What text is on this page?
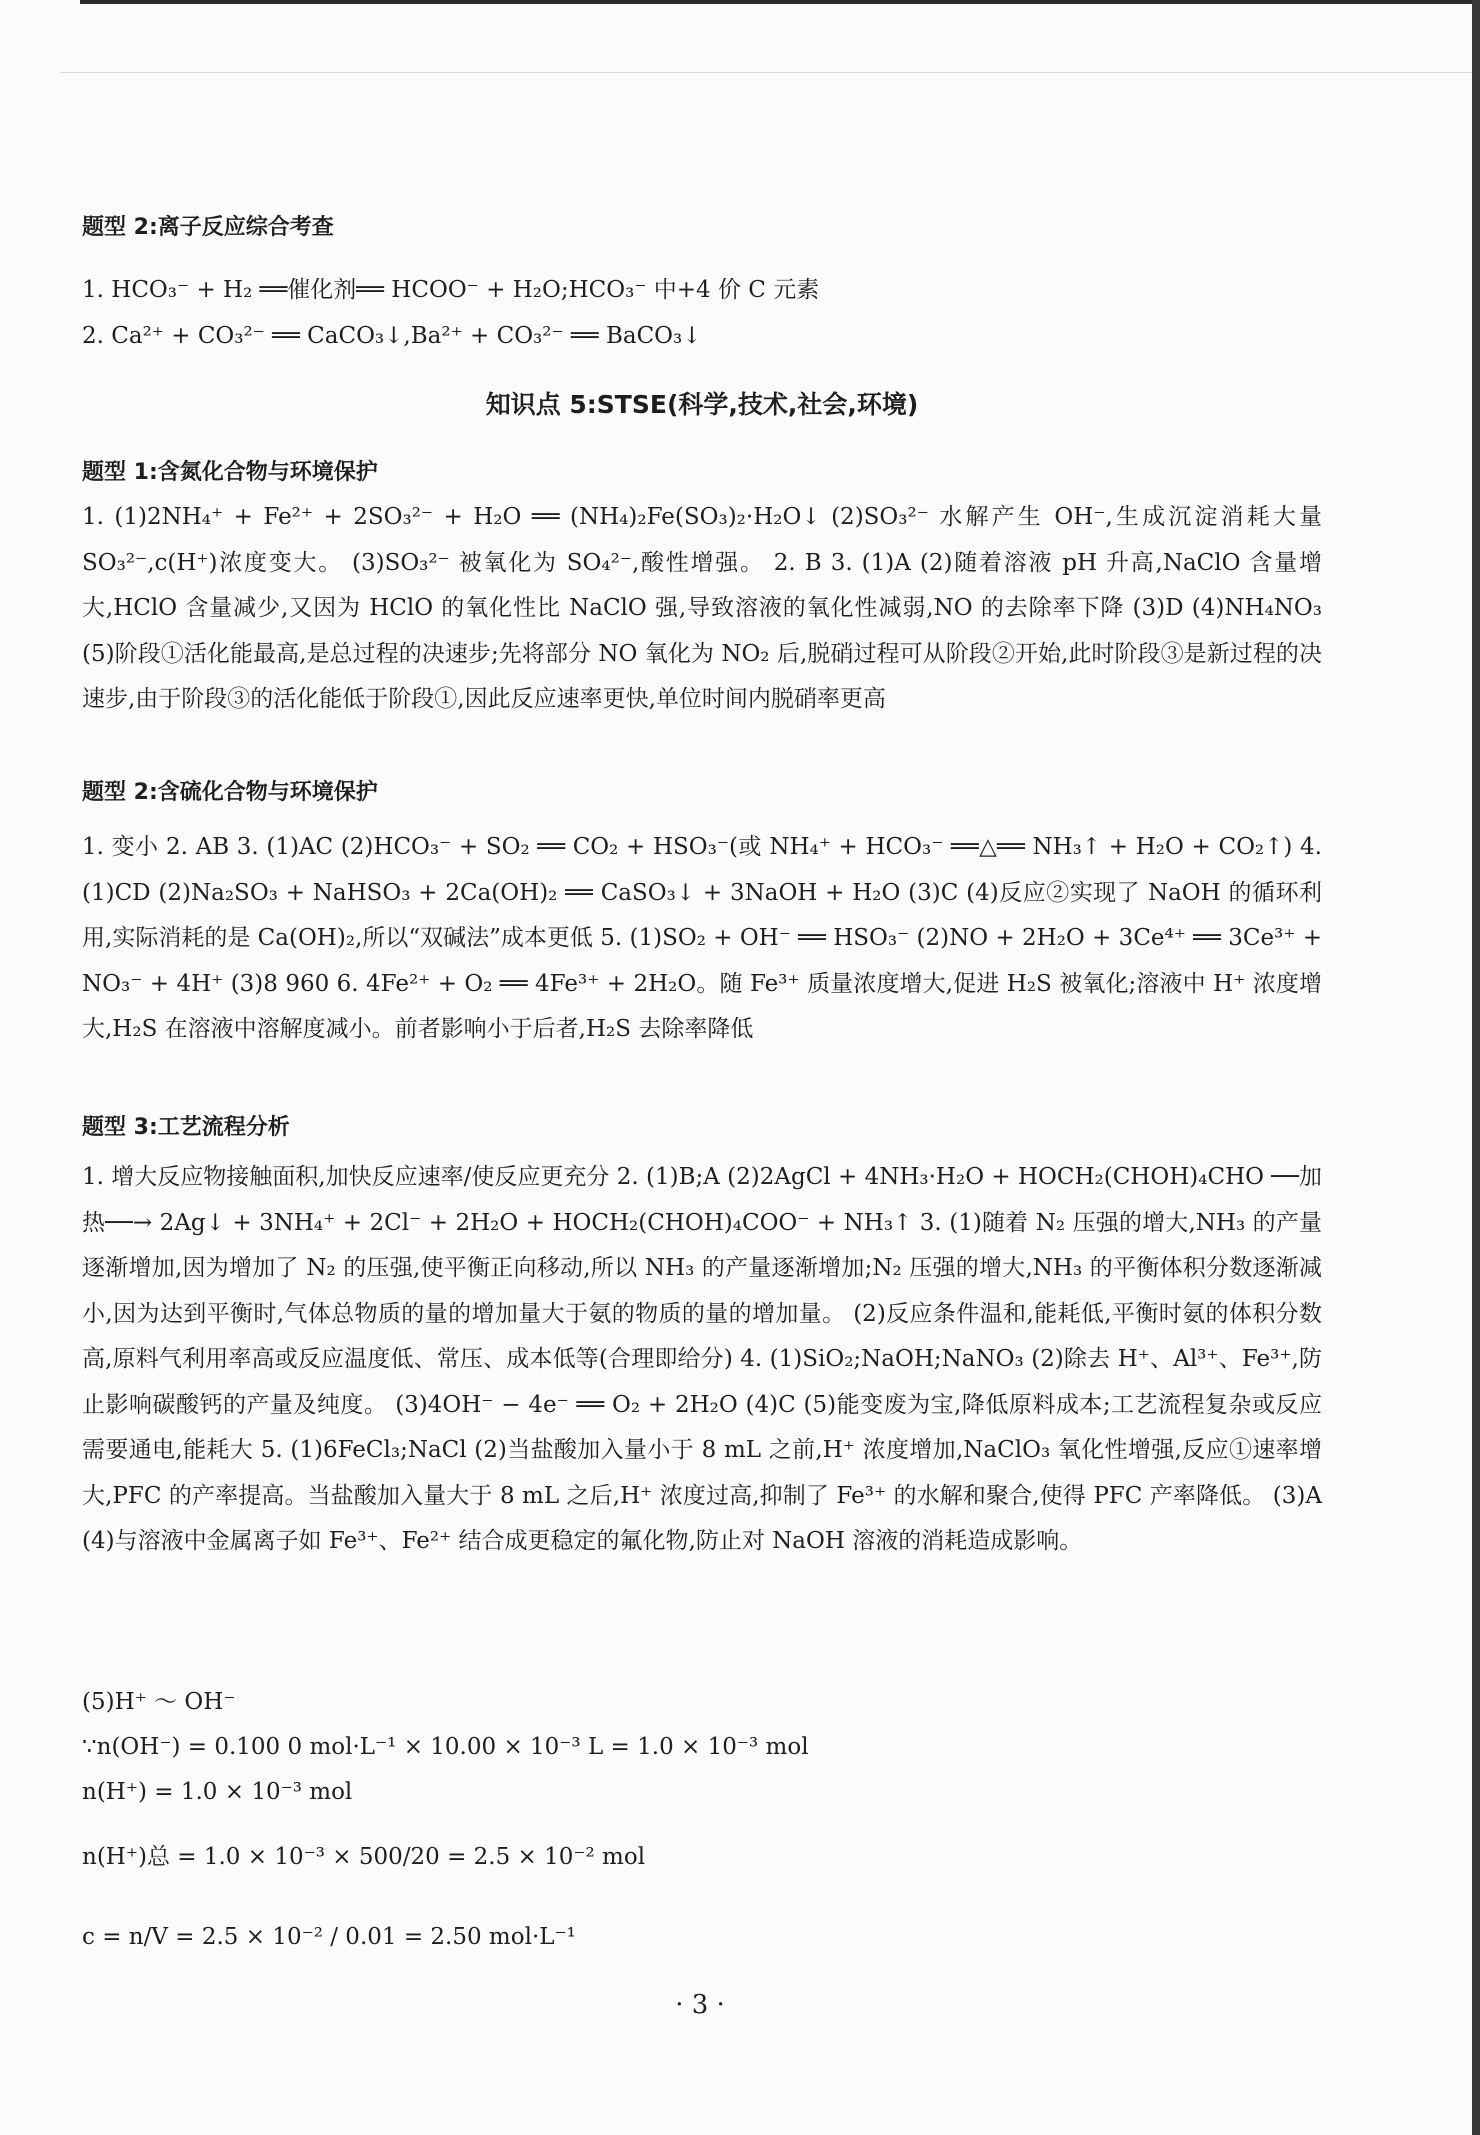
题型 2:离子反应综合考查
1. HCO₃⁻ + H₂ ══催化剂══ HCOO⁻ + H₂O;HCO₃⁻ 中+4 价 C 元素
2. Ca²⁺ + CO₃²⁻ ══ CaCO₃↓,Ba²⁺ + CO₃²⁻ ══ BaCO₃↓
知识点 5:STSE(科学,技术,社会,环境)
题型 1:含氮化合物与环境保护
1. (1)2NH₄⁺ + Fe²⁺ + 2SO₃²⁻ + H₂O ══ (NH₄)₂Fe(SO₃)₂·H₂O↓ (2)SO₃²⁻ 水解产生 OH⁻,生成沉淀消耗大量 SO₃²⁻,c(H⁺)浓度变大。 (3)SO₃²⁻ 被氧化为 SO₄²⁻,酸性增强。 2. B 3. (1)A (2)随着溶液 pH 升高,NaClO 含量增大,HClO 含量减少,又因为 HClO 的氧化性比 NaClO 强,导致溶液的氧化性减弱,NO 的去除率下降 (3)D (4)NH₄NO₃ (5)阶段①活化能最高,是总过程的决速步;先将部分 NO 氧化为 NO₂ 后,脱硝过程可从阶段②开始,此时阶段③是新过程的决速步,由于阶段③的活化能低于阶段①,因此反应速率更快,单位时间内脱硝率更高
题型 2:含硫化合物与环境保护
1. 变小 2. AB 3. (1)AC (2)HCO₃⁻ + SO₂ ══ CO₂ + HSO₃⁻(或 NH₄⁺ + HCO₃⁻ ══△══ NH₃↑ + H₂O + CO₂↑) 4. (1)CD (2)Na₂SO₃ + NaHSO₃ + 2Ca(OH)₂ ══ CaSO₃↓ + 3NaOH + H₂O (3)C (4)反应②实现了 NaOH 的循环利用,实际消耗的是 Ca(OH)₂,所以“双碱法”成本更低 5. (1)SO₂ + OH⁻ ══ HSO₃⁻ (2)NO + 2H₂O + 3Ce⁴⁺ ══ 3Ce³⁺ + NO₃⁻ + 4H⁺ (3)8 960 6. 4Fe²⁺ + O₂ ══ 4Fe³⁺ + 2H₂O。随 Fe³⁺ 质量浓度增大,促进 H₂S 被氧化;溶液中 H⁺ 浓度增大,H₂S 在溶液中溶解度减小。前者影响小于后者,H₂S 去除率降低
题型 3:工艺流程分析
1. 增大反应物接触面积,加快反应速率/使反应更充分 2. (1)B;A (2)2AgCl + 4NH₃·H₂O + HOCH₂(CHOH)₄CHO ──加热──→ 2Ag↓ + 3NH₄⁺ + 2Cl⁻ + 2H₂O + HOCH₂(CHOH)₄COO⁻ + NH₃↑ 3. (1)随着 N₂ 压强的增大,NH₃ 的产量逐渐增加,因为增加了 N₂ 的压强,使平衡正向移动,所以 NH₃ 的产量逐渐增加;N₂ 压强的增大,NH₃ 的平衡体积分数逐渐减小,因为达到平衡时,气体总物质的量的增加量大于氨的物质的量的增加量。 (2)反应条件温和,能耗低,平衡时氨的体积分数高,原料气利用率高或反应温度低、常压、成本低等(合理即给分) 4. (1)SiO₂;NaOH;NaNO₃ (2)除去 H⁺、Al³⁺、Fe³⁺,防止影响碳酸钙的产量及纯度。 (3)4OH⁻ − 4e⁻ ══ O₂ + 2H₂O (4)C (5)能变废为宝,降低原料成本;工艺流程复杂或反应需要通电,能耗大 5. (1)6FeCl₃;NaCl (2)当盐酸加入量小于 8 mL 之前,H⁺ 浓度增加,NaClO₃ 氧化性增强,反应①速率增大,PFC 的产率提高。当盐酸加入量大于 8 mL 之后,H⁺ 浓度过高,抑制了 Fe³⁺ 的水解和聚合,使得 PFC 产率降低。 (3)A (4)与溶液中金属离子如 Fe³⁺、Fe²⁺ 结合成更稳定的氟化物,防止对 NaOH 溶液的消耗造成影响。
(5)H⁺ ～ OH⁻
∵n(OH⁻) = 0.100 0 mol·L⁻¹ × 10.00 × 10⁻³ L = 1.0 × 10⁻³ mol
n(H⁺) = 1.0 × 10⁻³ mol
n(H⁺)总 = 1.0 × 10⁻³ × 500/20 = 2.5 × 10⁻² mol
c = n/V = 2.5 × 10⁻² / 0.01 = 2.50 mol·L⁻¹
· 3 ·
